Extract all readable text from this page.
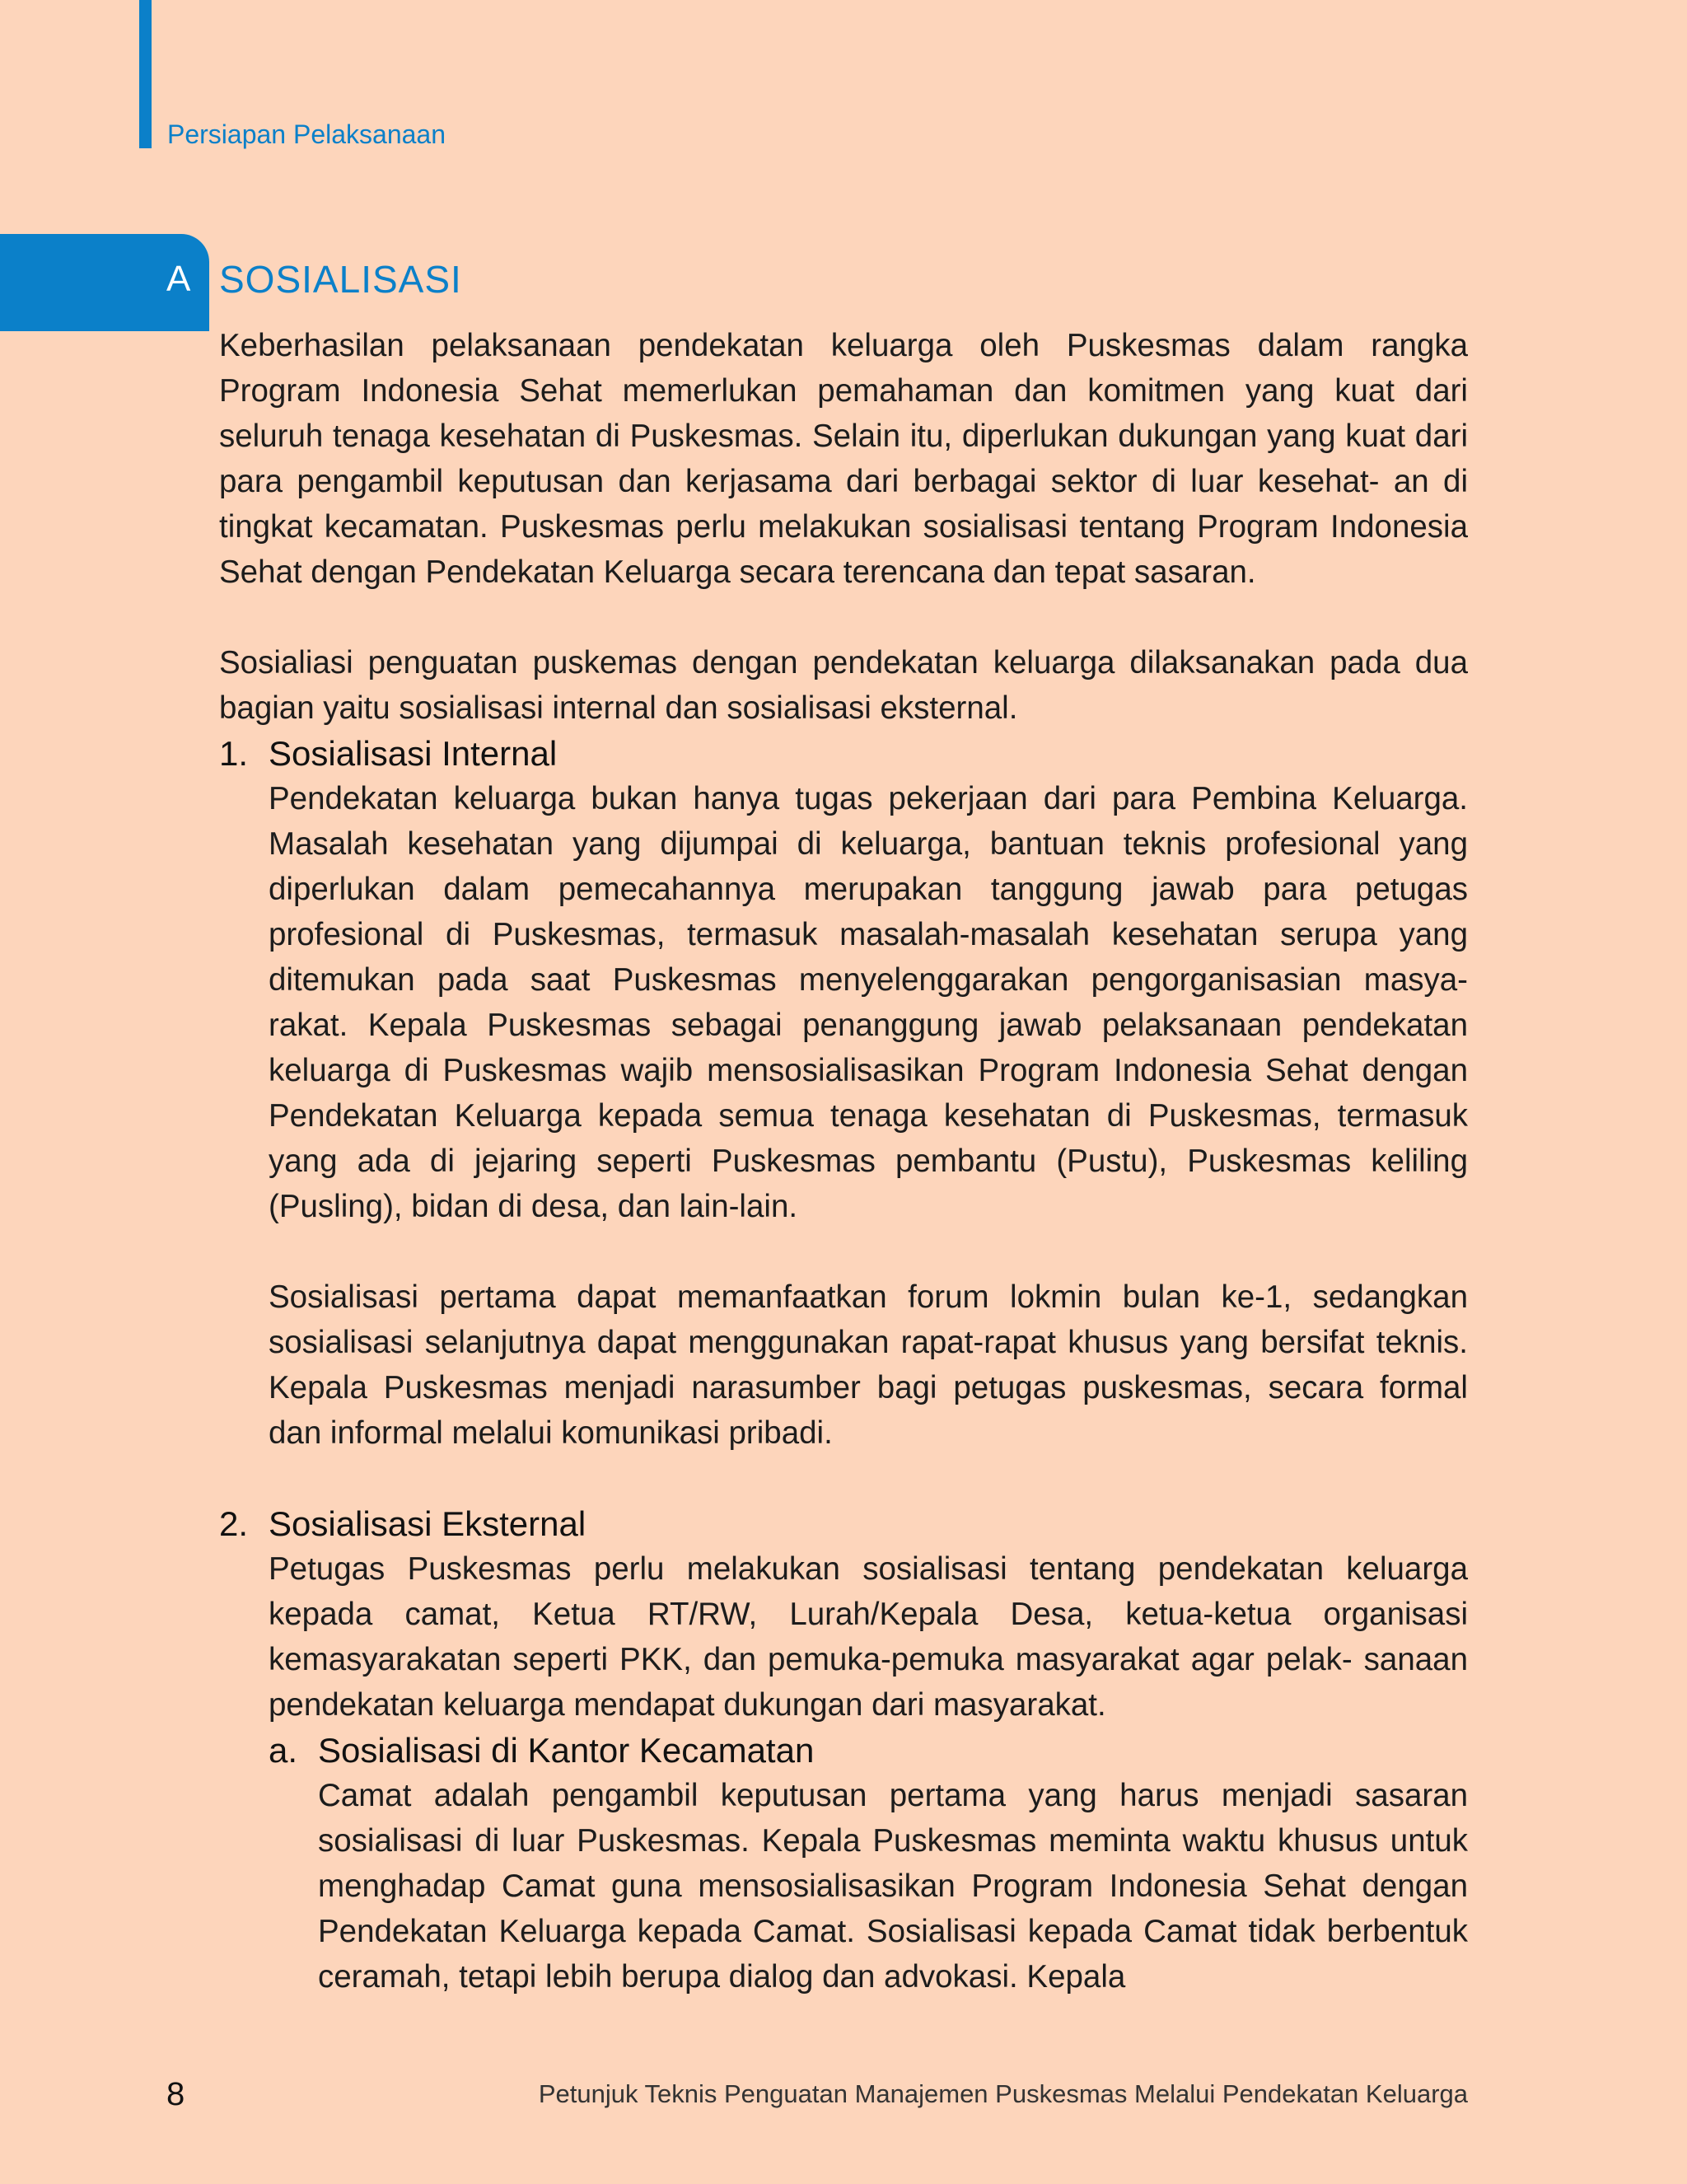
Persiapan Pelaksanaan
A SOSIALISASI

Keberhasilan pelaksanaan pendekatan keluarga oleh Puskesmas dalam rangka Program Indonesia Sehat memerlukan pemahaman dan komitmen yang kuat dari seluruh tenaga kesehatan di Puskesmas. Selain itu, diperlukan dukungan yang kuat dari para pengambil keputusan dan kerjasama dari berbagai sektor di luar kesehat- an di tingkat kecamatan. Puskesmas perlu melakukan sosialisasi tentang Program Indonesia Sehat dengan Pendekatan Keluarga secara terencana dan tepat sasaran.

Sosialiasi penguatan puskemas dengan pendekatan keluarga dilaksanakan pada dua bagian yaitu sosialisasi internal dan sosialisasi eksternal.

1. Sosialisasi Internal

Pendekatan keluarga bukan hanya tugas pekerjaan dari para Pembina Keluarga. Masalah kesehatan yang dijumpai di keluarga, bantuan teknis profesional yang diperlukan dalam pemecahannya merupakan tanggung jawab para petugas profesional di Puskesmas, termasuk masalah-masalah kesehatan serupa yang ditemukan pada saat Puskesmas menyelenggarakan pengorganisasian masya- rakat. Kepala Puskesmas sebagai penanggung jawab pelaksanaan pendekatan keluarga di Puskesmas wajib mensosialisasikan Program Indonesia Sehat dengan Pendekatan Keluarga kepada semua tenaga kesehatan di Puskesmas, termasuk yang ada di jejaring seperti Puskesmas pembantu (Pustu), Puskesmas keliling (Pusling), bidan di desa, dan lain-lain.

Sosialisasi pertama dapat memanfaatkan forum lokmin bulan ke-1, sedangkan sosialisasi selanjutnya dapat menggunakan rapat-rapat khusus yang bersifat teknis. Kepala Puskesmas menjadi narasumber bagi petugas puskesmas, secara formal dan informal melalui komunikasi pribadi.

2. Sosialisasi Eksternal

Petugas Puskesmas perlu melakukan sosialisasi tentang pendekatan keluarga kepada camat, Ketua RT/RW, Lurah/Kepala Desa, ketua-ketua organisasi kemasyarakatan seperti PKK, dan pemuka-pemuka masyarakat agar pelak- sanaan pendekatan keluarga mendapat dukungan dari masyarakat.

a. Sosialisasi di Kantor Kecamatan

Camat adalah pengambil keputusan pertama yang harus menjadi sasaran sosialisasi di luar Puskesmas. Kepala Puskesmas meminta waktu khusus untuk menghadap Camat guna mensosialisasikan Program Indonesia Sehat dengan Pendekatan Keluarga kepada Camat. Sosialisasi kepada Camat tidak berbentuk ceramah, tetapi lebih berupa dialog dan advokasi. Kepala

8	Petunjuk Teknis Penguatan Manajemen Puskesmas Melalui Pendekatan Keluarga
